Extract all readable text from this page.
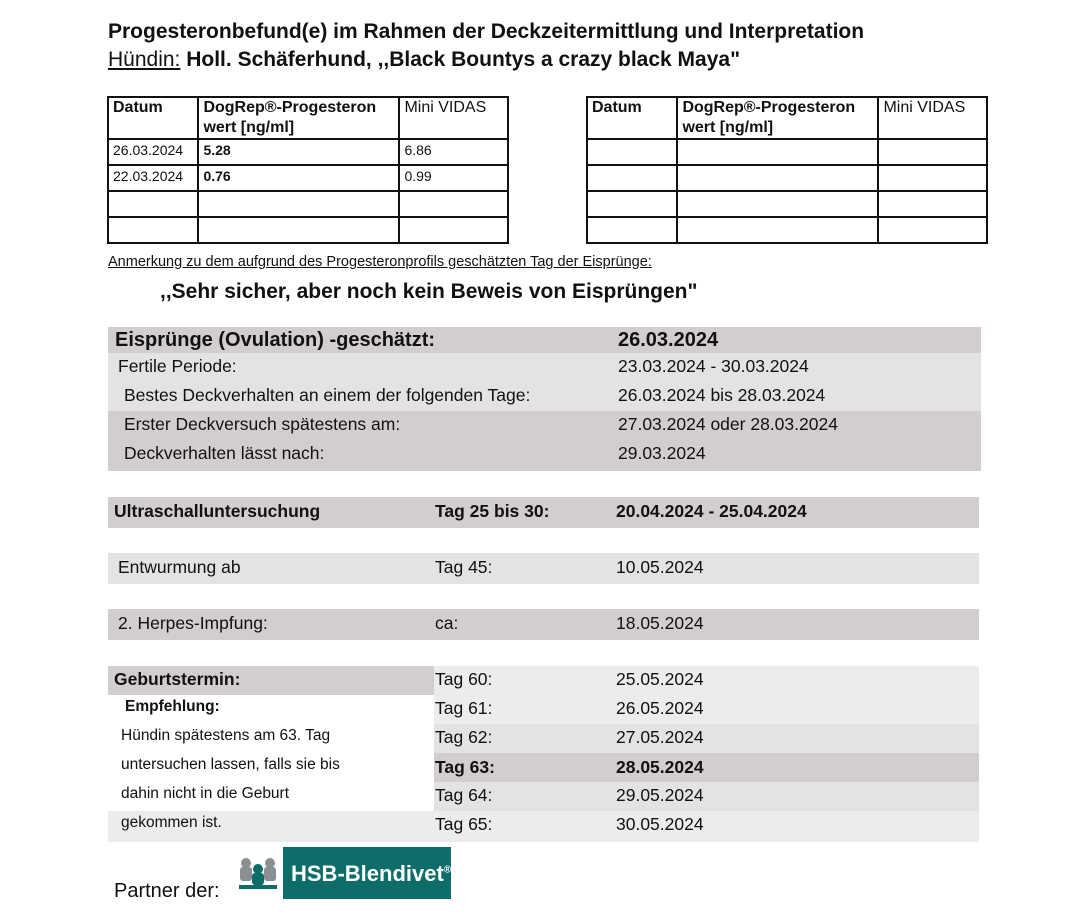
Progesteronbefund(e) im Rahmen der Deckzeitermittlung und Interpretation
Hündin: Holl. Schäferhund, ,,Black Bountys a crazy black Maya"
Datum	DogRep®-Progesteron wert [ng/ml]	Mini VIDAS
26.03.2024	5.28	6.86
22.03.2024	0.76	0.99

Datum	DogRep®-Progesteron wert [ng/ml]	Mini VIDAS

Anmerkung zu dem aufgrund des Progesteronprofils geschätzten Tag der Eisprünge:
,,Sehr sicher, aber noch kein Beweis von Eisprüngen"
Eisprünge (Ovulation) -geschätzt:	26.03.2024
Fertile Periode:	23.03.2024 - 30.03.2024
Bestes Deckverhalten an einem der folgenden Tage:	26.03.2024 bis 28.03.2024
Erster Deckversuch spätestens am:	27.03.2024 oder 28.03.2024
Deckverhalten lässt nach:	29.03.2024
Ultraschalluntersuchung	Tag 25 bis 30:	20.04.2024 - 25.04.2024
Entwurmung ab	Tag 45:	10.05.2024
2. Herpes-Impfung:	ca:	18.05.2024
Geburtstermin:
Empfehlung:
Hündin spätestens am 63. Tag
untersuchen lassen, falls sie bis
dahin nicht in die Geburt
gekommen ist.
Tag 60:	25.05.2024
Tag 61:	26.05.2024
Tag 62:	27.05.2024
Tag 63:	28.05.2024
Tag 64:	29.05.2024
Tag 65:	30.05.2024
Partner der:
HSB-Blendivet®
